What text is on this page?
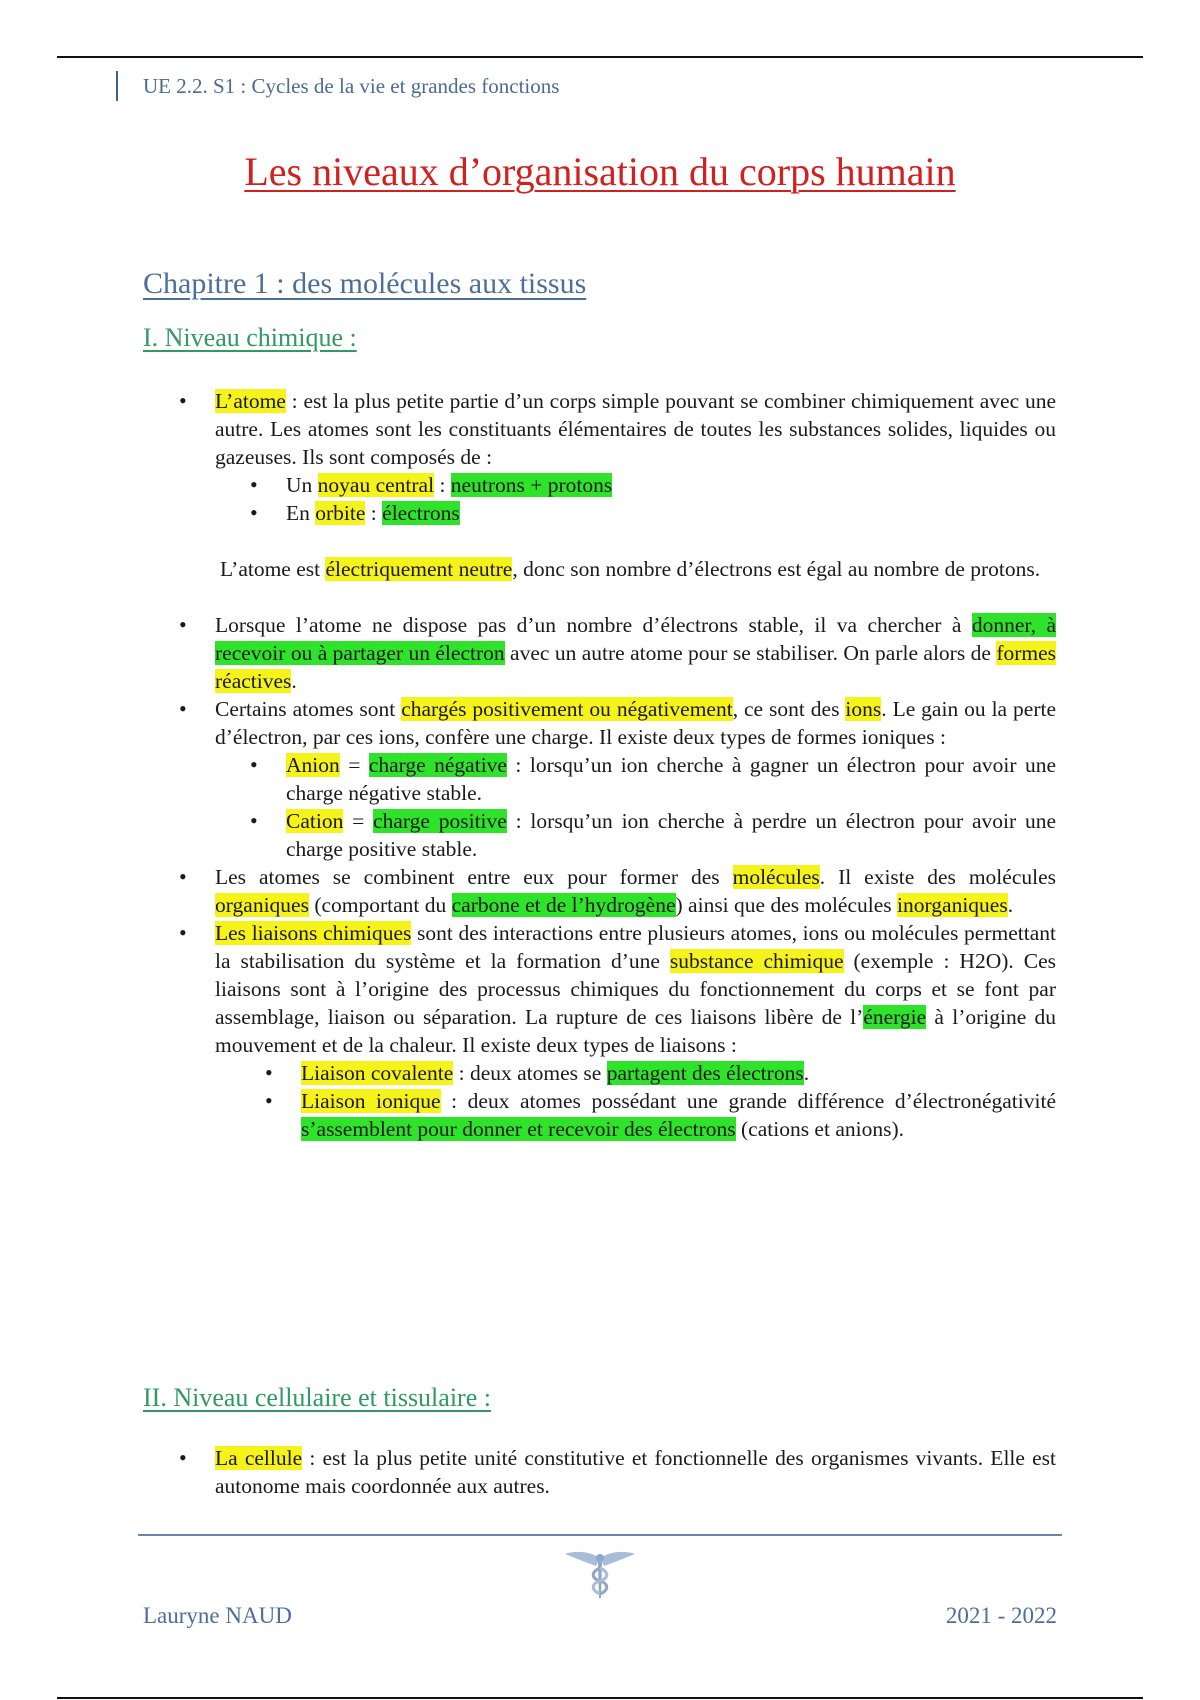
UE 2.2. S1 : Cycles de la vie et grandes fonctions
Les niveaux d’organisation du corps humain
Chapitre 1 : des molécules aux tissus
I. Niveau chimique :
• L’atome : est la plus petite partie d’un corps simple pouvant se combiner chimiquement avec une autre. Les atomes sont les constituants élémentaires de toutes les substances solides, liquides ou gazeuses. Ils sont composés de :
• Un noyau central : neutrons + protons
• En orbite : électrons
L’atome est électriquement neutre, donc son nombre d’électrons est égal au nombre de protons.
• Lorsque l’atome ne dispose pas d’un nombre d’électrons stable, il va chercher à donner, à recevoir ou à partager un électron avec un autre atome pour se stabiliser. On parle alors de formes réactives.
• Certains atomes sont chargés positivement ou négativement, ce sont des ions. Le gain ou la perte d’électron, par ces ions, confère une charge. Il existe deux types de formes ioniques :
• Anion = charge négative : lorsqu’un ion cherche à gagner un électron pour avoir une charge négative stable.
• Cation = charge positive : lorsqu’un ion cherche à perdre un électron pour avoir une charge positive stable.
• Les atomes se combinent entre eux pour former des molécules. Il existe des molécules organiques (comportant du carbone et de l’hydrogène) ainsi que des molécules inorganiques.
• Les liaisons chimiques sont des interactions entre plusieurs atomes, ions ou molécules permettant la stabilisation du système et la formation d’une substance chimique (exemple : H2O). Ces liaisons sont à l’origine des processus chimiques du fonctionnement du corps et se font par assemblage, liaison ou séparation. La rupture de ces liaisons libère de l’énergie à l’origine du mouvement et de la chaleur. Il existe deux types de liaisons :
• Liaison covalente : deux atomes se partagent des électrons.
• Liaison ionique : deux atomes possédant une grande différence d’électronégativité s’assemblent pour donner et recevoir des électrons (cations et anions).
II. Niveau cellulaire et tissulaire :
• La cellule : est la plus petite unité constitutive et fonctionnelle des organismes vivants. Elle est autonome mais coordonnée aux autres.
Lauryne NAUD	2021 - 2022
